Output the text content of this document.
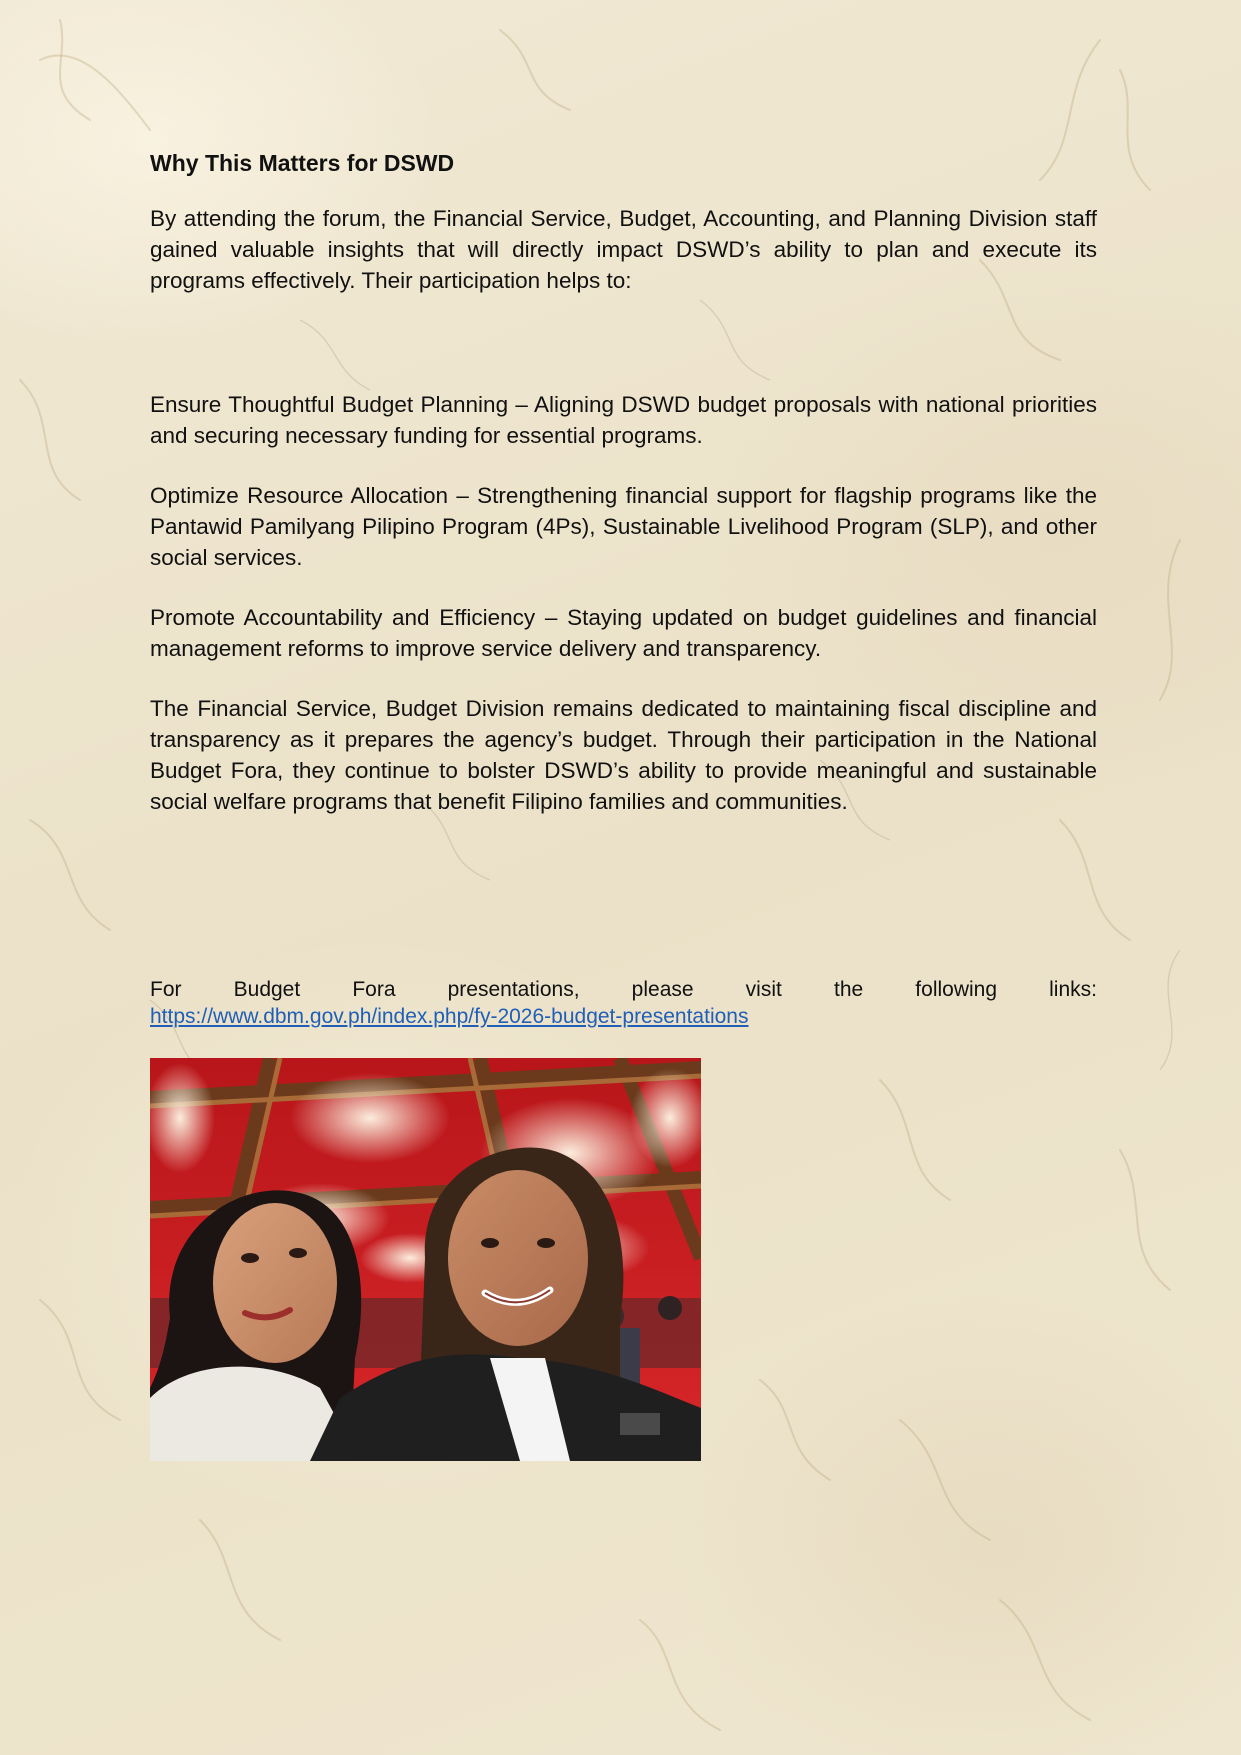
Why This Matters for DSWD

By attending the forum, the Financial Service, Budget, Accounting, and Planning Division staff gained valuable insights that will directly impact DSWD’s ability to plan and execute its programs effectively. Their participation helps to:

Ensure Thoughtful Budget Planning – Aligning DSWD budget proposals with national priorities and securing necessary funding for essential programs.

Optimize Resource Allocation – Strengthening financial support for flagship programs like the Pantawid Pamilyang Pilipino Program (4Ps), Sustainable Livelihood Program (SLP), and other social services.

Promote Accountability and Efficiency – Staying updated on budget guidelines and financial management reforms to improve service delivery and transparency.

The Financial Service, Budget Division remains dedicated to maintaining fiscal discipline and transparency as it prepares the agency’s budget. Through their participation in the National Budget Fora, they continue to bolster DSWD’s ability to provide meaningful and sustainable social welfare programs that benefit Filipino families and communities.

For Budget Fora presentations, please visit the following links:

https://www.dbm.gov.ph/index.php/fy-2026-budget-presentations
